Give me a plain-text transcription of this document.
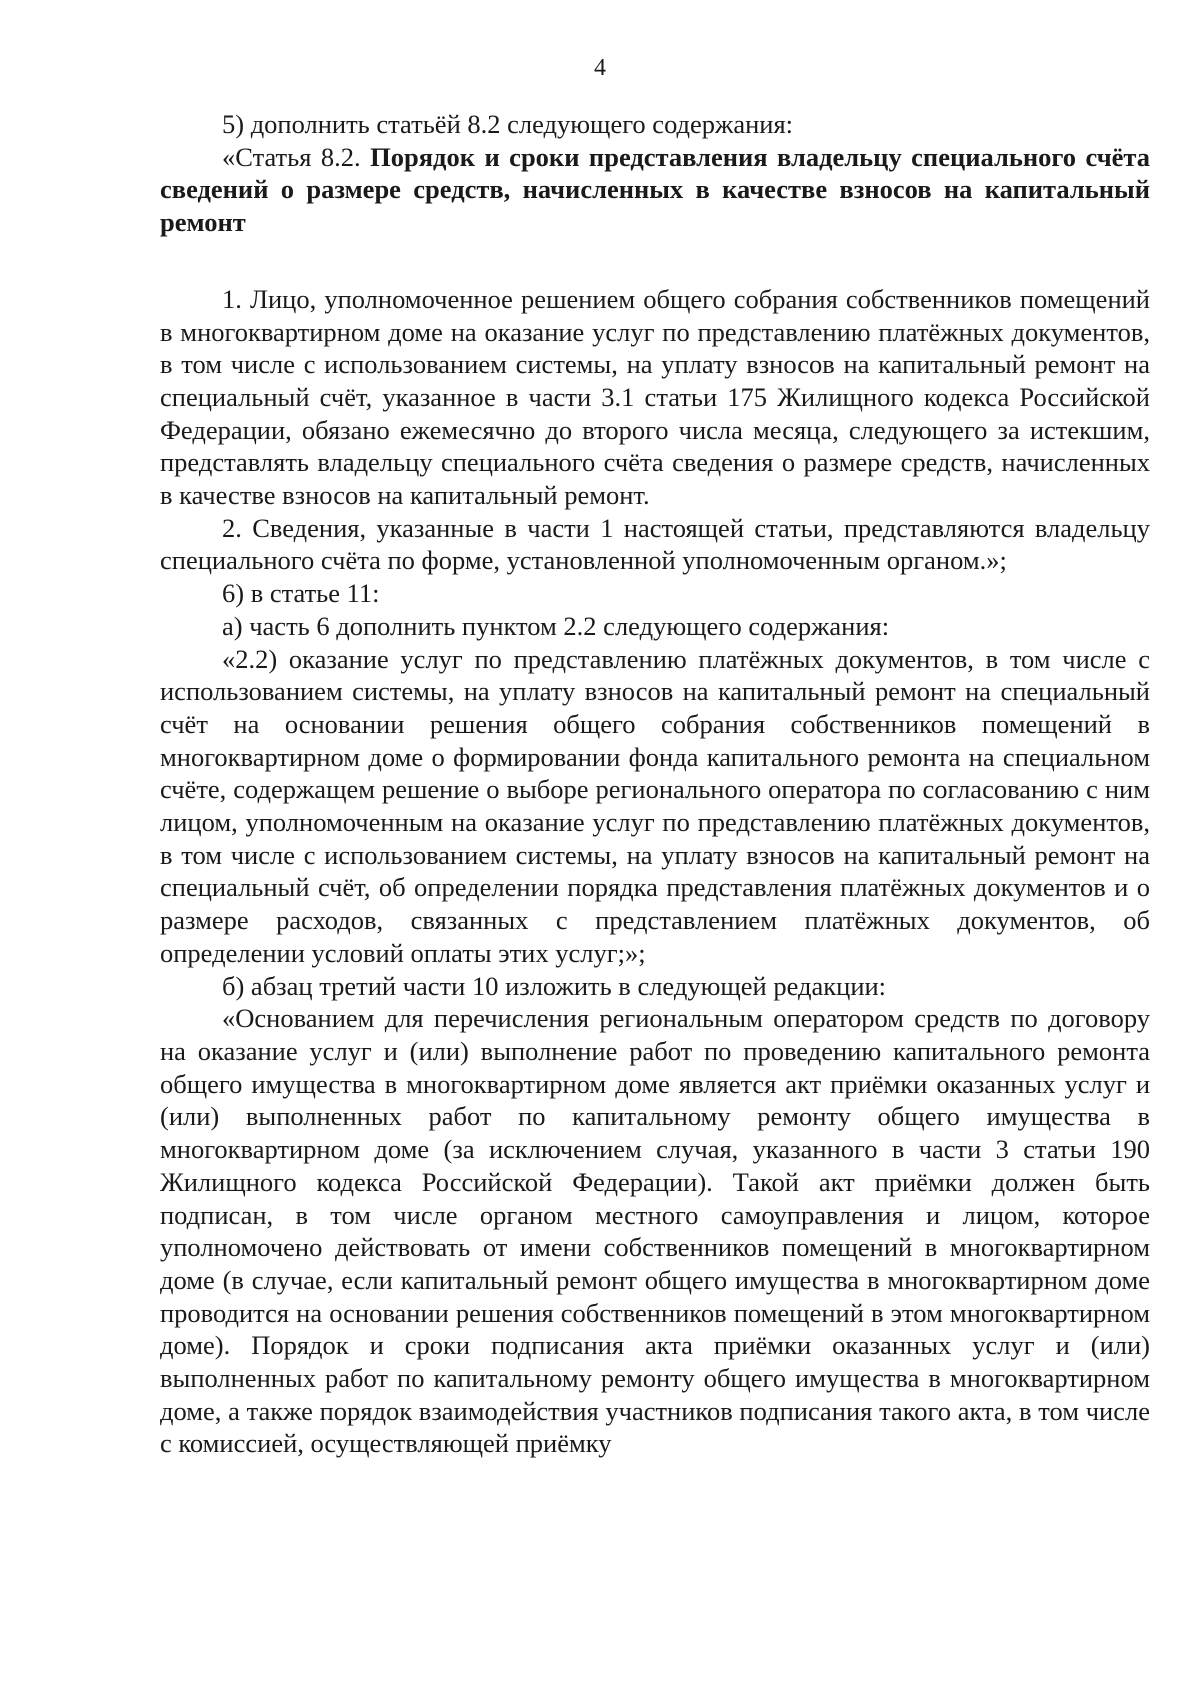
4

5) дополнить статьёй 8.2 следующего содержания:

«Статья 8.2. Порядок и сроки представления владельцу специального счёта сведений о размере средств, начисленных в качестве взносов на капитальный ремонт

1. Лицо, уполномоченное решением общего собрания собственников помещений в многоквартирном доме на оказание услуг по представлению платёжных документов, в том числе с использованием системы, на уплату взносов на капитальный ремонт на специальный счёт, указанное в части 3.1 статьи 175 Жилищного кодекса Российской Федерации, обязано ежемесячно до второго числа месяца, следующего за истекшим, представлять владельцу специального счёта сведения о размере средств, начисленных в качестве взносов на капитальный ремонт.

2. Сведения, указанные в части 1 настоящей статьи, представляются владельцу специального счёта по форме, установленной уполномоченным органом.»;

6) в статье 11:

а) часть 6 дополнить пунктом 2.2 следующего содержания:

«2.2) оказание услуг по представлению платёжных документов, в том числе с использованием системы, на уплату взносов на капитальный ремонт на специальный счёт на основании решения общего собрания собственников помещений в многоквартирном доме о формировании фонда капитального ремонта на специальном счёте, содержащем решение о выборе регионального оператора по согласованию с ним лицом, уполномоченным на оказание услуг по представлению платёжных документов, в том числе с использованием системы, на уплату взносов на капитальный ремонт на специальный счёт, об определении порядка представления платёжных документов и о размере расходов, связанных с представлением платёжных документов, об определении условий оплаты этих услуг;»;

б) абзац третий части 10 изложить в следующей редакции:

«Основанием для перечисления региональным оператором средств по договору на оказание услуг и (или) выполнение работ по проведению капитального ремонта общего имущества в многоквартирном доме является акт приёмки оказанных услуг и (или) выполненных работ по капитальному ремонту общего имущества в многоквартирном доме (за исключением случая, указанного в части 3 статьи 190 Жилищного кодекса Российской Федерации). Такой акт приёмки должен быть подписан, в том числе органом местного самоуправления и лицом, которое уполномочено действовать от имени собственников помещений в многоквартирном доме (в случае, если капитальный ремонт общего имущества в многоквартирном доме проводится на основании решения собственников помещений в этом многоквартирном доме). Порядок и сроки подписания акта приёмки оказанных услуг и (или) выполненных работ по капитальному ремонту общего имущества в многоквартирном доме, а также порядок взаимодействия участников подписания такого акта, в том числе с комиссией, осуществляющей приёмку
